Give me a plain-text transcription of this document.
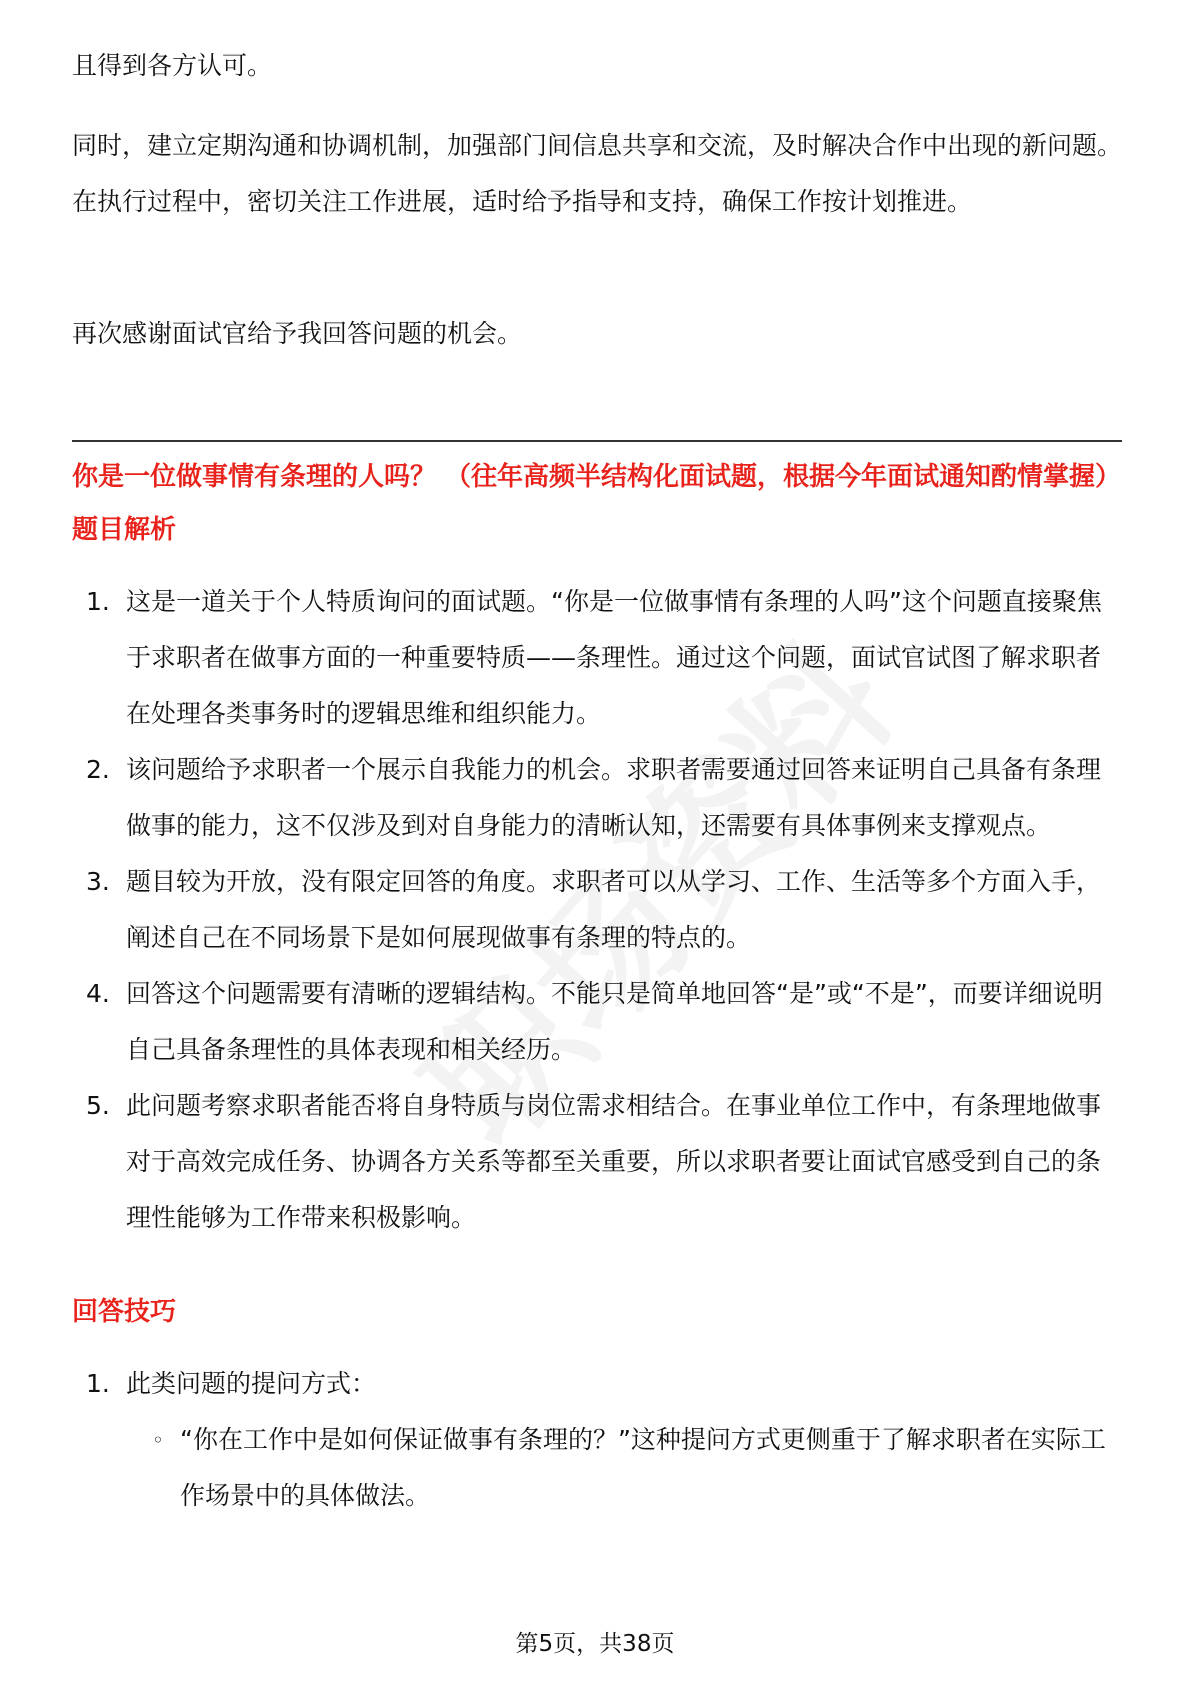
且得到各方认可。

同时，建立定期沟通和协调机制，加强部门间信息共享和交流，及时解决合作中出现的新问题。在执行过程中，密切关注工作进展，适时给予指导和支持，确保工作按计划推进。

再次感谢面试官给予我回答问题的机会。

你是一位做事情有条理的人吗？ （往年高频半结构化面试题，根据今年面试通知酌情掌握）

题目解析

1. 这是一道关于个人特质询问的面试题。“你是一位做事情有条理的人吗”这个问题直接聚焦于求职者在做事方面的一种重要特质——条理性。通过这个问题，面试官试图了解求职者在处理各类事务时的逻辑思维和组织能力。
2. 该问题给予求职者一个展示自我能力的机会。求职者需要通过回答来证明自己具备有条理做事的能力，这不仅涉及到对自身能力的清晰认知，还需要有具体事例来支撑观点。
3. 题目较为开放，没有限定回答的角度。求职者可以从学习、工作、生活等多个方面入手，阐述自己在不同场景下是如何展现做事有条理的特点的。
4. 回答这个问题需要有清晰的逻辑结构。不能只是简单地回答“是”或“不是”，而要详细说明自己具备条理性的具体表现和相关经历。
5. 此问题考察求职者能否将自身特质与岗位需求相结合。在事业单位工作中，有条理地做事对于高效完成任务、协调各方关系等都至关重要，所以求职者要让面试官感受到自己的条理性能够为工作带来积极影响。

回答技巧

1. 此类问题的提问方式：
◦ “你在工作中是如何保证做事有条理的？”这种提问方式更侧重于了解求职者在实际工作场景中的具体做法。
第5页，共38页
